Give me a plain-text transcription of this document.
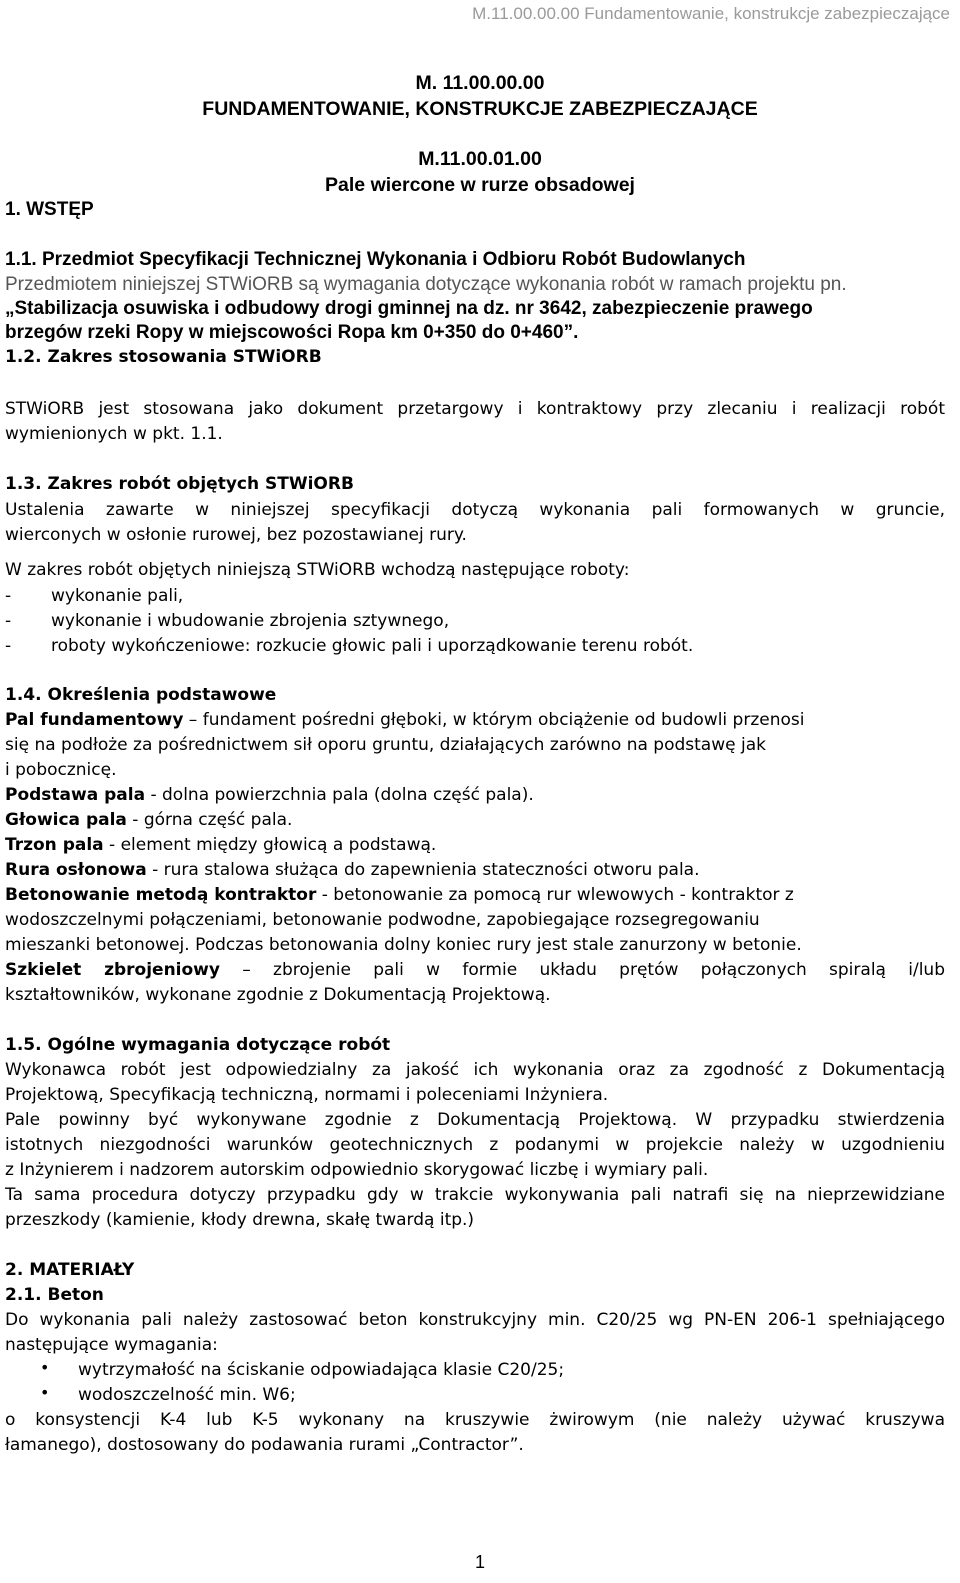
M.11.00.00.00 Fundamentowanie, konstrukcje zabezpieczające
M. 11.00.00.00
FUNDAMENTOWANIE, KONSTRUKCJE ZABEZPIECZAJĄCE
M.11.00.01.00
Pale wiercone w rurze obsadowej
1. WSTĘP
1.1. Przedmiot Specyfikacji Technicznej Wykonania i Odbioru Robót Budowlanych
Przedmiotem niniejszej STWiORB są wymagania dotyczące wykonania robót w ramach projektu pn.
„Stabilizacja osuwiska i odbudowy drogi gminnej na dz. nr 3642, zabezpieczenie prawego
brzegów rzeki Ropy w miejscowości Ropa km 0+350 do 0+460”.
1.2. Zakres stosowania STWiORB
STWiORB jest stosowana jako dokument przetargowy i kontraktowy przy zlecaniu i realizacji robót
wymienionych w pkt. 1.1.
1.3. Zakres robót objętych STWiORB
Ustalenia zawarte w niniejszej specyfikacji dotyczą wykonania pali formowanych w gruncie,
wierconych w osłonie rurowej, bez pozostawianej rury.
W zakres robót objętych niniejszą STWiORB wchodzą następujące roboty:
- wykonanie pali,
- wykonanie i wbudowanie zbrojenia sztywnego,
- roboty wykończeniowe: rozkucie głowic pali i uporządkowanie terenu robót.
1.4. Określenia podstawowe
Pal fundamentowy – fundament pośredni głęboki, w którym obciążenie od budowli przenosi
się na podłoże za pośrednictwem sił oporu gruntu, działających zarówno na podstawę jak
i pobocznicę.
Podstawa pala - dolna powierzchnia pala (dolna część pala).
Głowica pala - górna część pala.
Trzon pala - element między głowicą a podstawą.
Rura osłonowa - rura stalowa służąca do zapewnienia stateczności otworu pala.
Betonowanie metodą kontraktor - betonowanie za pomocą rur wlewowych - kontraktor z
wodoszczelnymi połączeniami, betonowanie podwodne, zapobiegające rozsegregowaniu
mieszanki betonowej. Podczas betonowania dolny koniec rury jest stale zanurzony w betonie.
Szkielet zbrojeniowy – zbrojenie pali w formie układu prętów połączonych spiralą i/lub
kształtowników, wykonane zgodnie z Dokumentacją Projektową.
1.5. Ogólne wymagania dotyczące robót
Wykonawca robót jest odpowiedzialny za jakość ich wykonania oraz za zgodność z Dokumentacją
Projektową, Specyfikacją techniczną, normami i poleceniami Inżyniera.
Pale powinny być wykonywane zgodnie z Dokumentacją Projektową. W przypadku stwierdzenia
istotnych niezgodności warunków geotechnicznych z podanymi w projekcie należy w uzgodnieniu
z Inżynierem i nadzorem autorskim odpowiednio skorygować liczbę i wymiary pali.
Ta sama procedura dotyczy przypadku gdy w trakcie wykonywania pali natrafi się na nieprzewidziane
przeszkody (kamienie, kłody drewna, skałę twardą itp.)
2. MATERIAŁY
2.1. Beton
Do wykonania pali należy zastosować beton konstrukcyjny min. C20/25 wg PN-EN 206-1 spełniającego
następujące wymagania:
• wytrzymałość na ściskanie odpowiadająca klasie C20/25;
• wodoszczelność min. W6;
o konsystencji K-4 lub K-5 wykonany na kruszywie żwirowym (nie należy używać kruszywa
łamanego), dostosowany do podawania rurami „Contractor”.
1
